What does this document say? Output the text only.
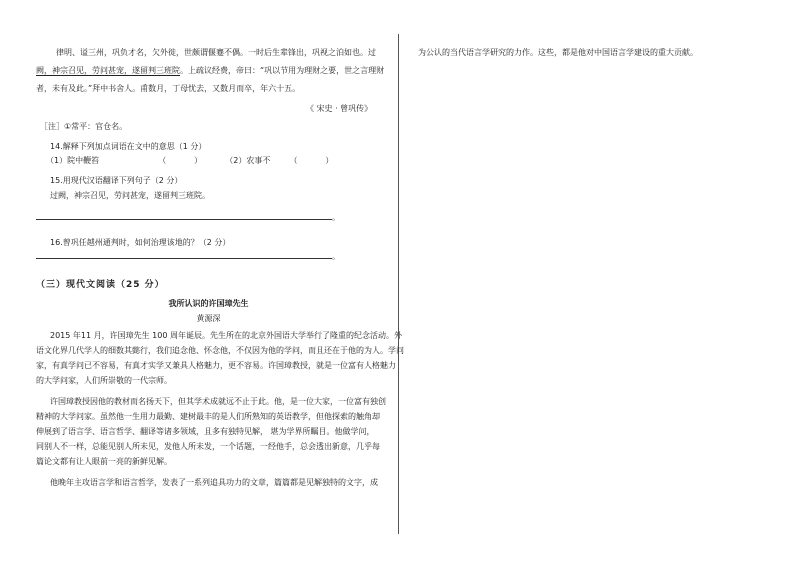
律明、谥三州，巩负才名，欠外徙，世颇谓偃蹇不偶。一时后生辈锋出，巩视之泊如也。过
阙，神宗召见，劳问甚宠，遂留判三班院。上疏议经费，帝曰：“巩以节用为理财之要，世之言理财
者，未有及此。”拜中书舍人。甫数月，丁母忧去，又数月而卒，年六十五。
《 宋史 · 曾巩传》
［注］①常平：官仓名。
14.解释下列加点词语在文中的意思（1 分）
（1）院中鞭笞	（           ）	（2）农事不 （           ）
15.用现代汉语翻译下列句子（2 分）
过阙，神宗召见，劳问甚宠，遂留判三班院。
。
16.曾巩任越州通判时，如何治理该地的？（2 分）
。
（三）现代文阅读（25 分）
我所认识的许国璋先生
黄源深
2015 年11 月，许国璋先生 100 周年诞辰。先生所在的北京外国语大学举行了隆重的纪念活动。外
语文化界几代学人的细数其懿行，我们追念他、怀念他，不仅因为他的学问，而且还在于他的为人。学问
家，有真学问已不容易，有真才实学又兼具人格魅力，更不容易。许国璋教授，就是一位富有人格魅力
的大学问家，人们所崇敬的一代宗师。
许国璋教授因他的教材而名扬天下，但其学术成就远不止于此。他，是一位大家，一位富有独创
精神的大学问家。虽然他一生用力最勤、建树最丰的是人们所熟知的英语教学，但他探索的触角却
伸展到了语言学、语言哲学、翻译等诸多领域，且多有独特见解， 堪为学界所瞩目。他做学问，
同别人不一样，总能见别人所未见，发他人所未发，一个话题，一经他手，总会透出新意，几乎每
篇论文都有让人眼前一亮的新鲜见解。
他晚年主攻语言学和语言哲学，发表了一系列追具功力的文章，篇篇都是见解独特的文字，成
为公认的当代语言学研究的力作。这些，都是他对中国语言学建设的重大贡献。
